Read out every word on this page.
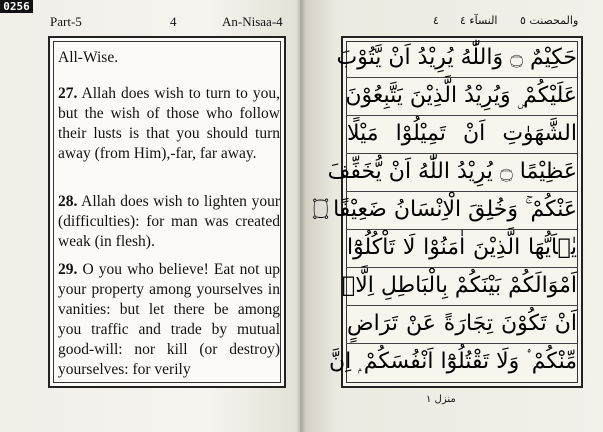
0256
Part-5	4	An-Nisaa-4	النسآء ٤
٤	والمحصنت ٥

All-Wise.

27. Allah does wish to turn to you, but the wish of those who follow their lusts is that you should turn away (from Him),-far, far away.

28. Allah does wish to lighten your (difficulties): for man was created weak (in flesh).

29. O you who believe! Eat not up your property among yourselves in vanities: but let there be among you traffic and trade by mutual good-will: nor kill (or destroy) yourselves: for verily

حَكِيْمٌ ۝ وَاللّٰهُ يُرِيْدُ اَنْ يَّتُوْبَ
عَلَيْكُمْ ۣ وَيُرِيْدُ الَّذِيْنَ يَتَّبِعُوْنَ
الشَّهَوٰتِ اَنْ تَمِيْلُوْا مَيْلًا
عَظِيْمًا ۝ يُرِيْدُ اللّٰهُ اَنْ يُّخَفِّفَ
عَنْكُمْ ۚ وَخُلِقَ الْاِنْسَانُ ضَعِيْفًا ۝
يٰۤاَيُّهَا الَّذِيْنَ اٰمَنُوْا لَا تَاْكُلُوْٓا
اَمْوَالَكُمْ بَيْنَكُمْ بِالْبَاطِلِ اِلَّاۤ
اَنْ تَكُوْنَ تِجَارَةً عَنْ تَرَاضٍ
مِّنْكُمْ ۟ وَلَا تَقْتُلُوْٓا اَنْفُسَكُمْ ۭ اِنَّ
منزل ١
